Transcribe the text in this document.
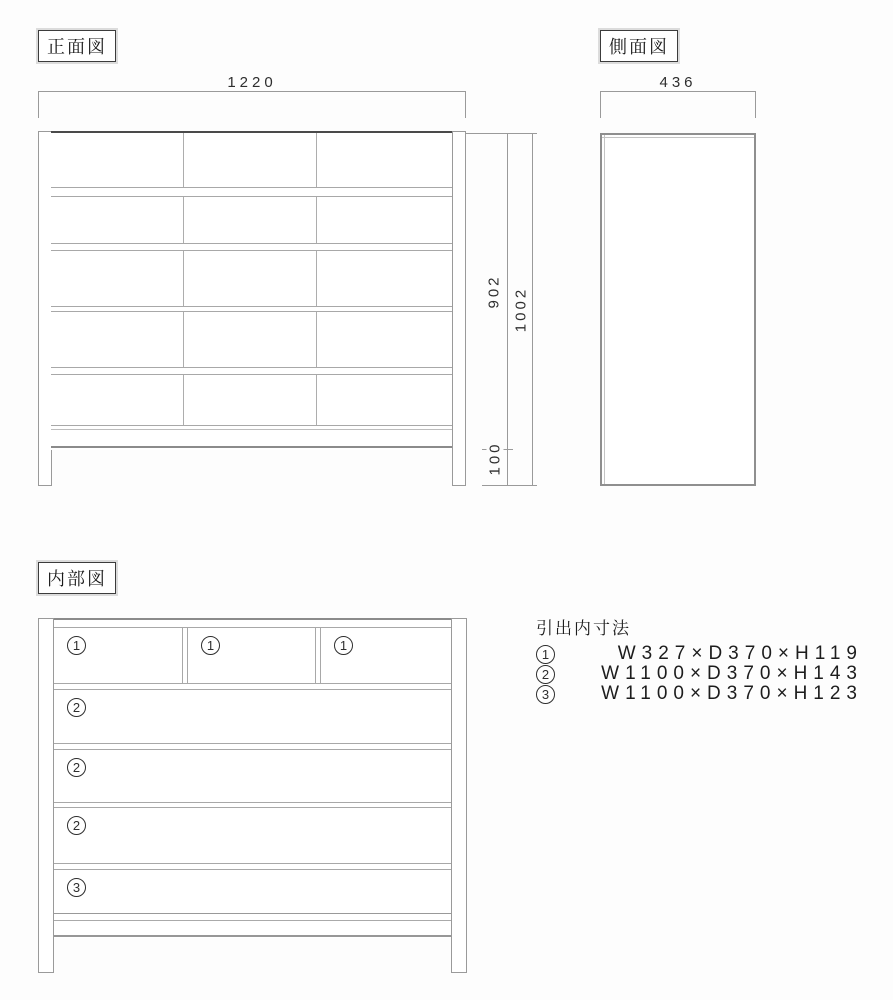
正面図
1220
902 1002
100
側面図
436
内部図
1	1	1
2
2
2
3
引出内寸法
1	W327×D370×H119
2	W1100×D370×H143
3	W1100×D370×H123
